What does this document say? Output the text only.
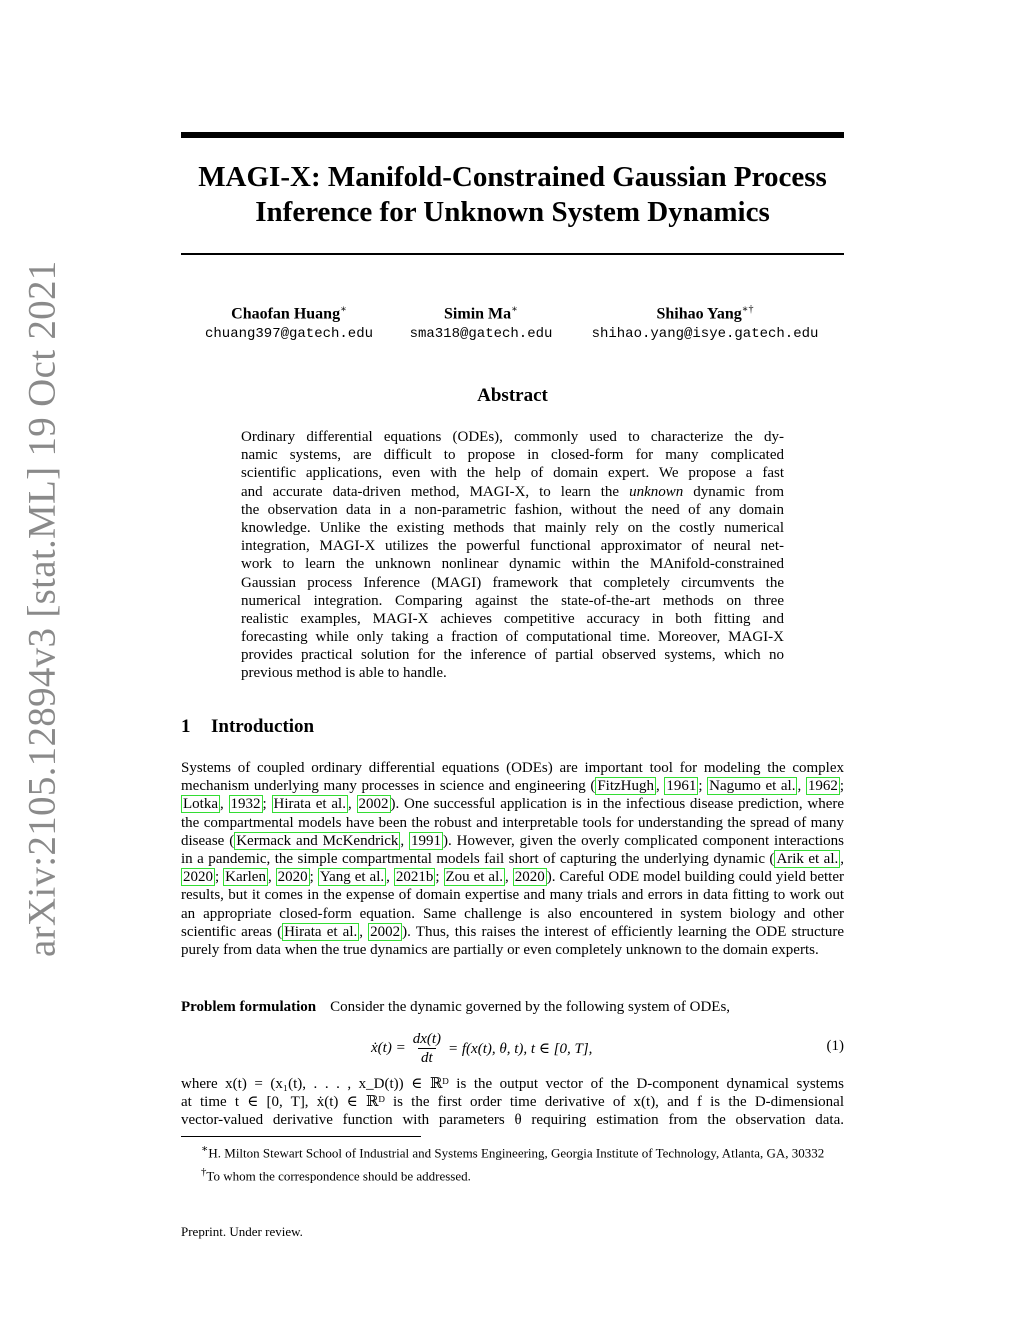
arXiv:2105.12894v3 [stat.ML] 19 Oct 2021
MAGI-X: Manifold-Constrained Gaussian Process
Inference for Unknown System Dynamics
Chaofan Huang∗
chuang397@gatech.edu
Simin Ma∗
sma318@gatech.edu
Shihao Yang∗†
shihao.yang@isye.gatech.edu
Abstract
Ordinary differential equations (ODEs), commonly used to characterize the dy-
namic systems, are difficult to propose in closed-form for many complicated
scientific applications, even with the help of domain expert. We propose a fast
and accurate data-driven method, MAGI-X, to learn the unknown dynamic from
the observation data in a non-parametric fashion, without the need of any domain
knowledge. Unlike the existing methods that mainly rely on the costly numerical
integration, MAGI-X utilizes the powerful functional approximator of neural net-
work to learn the unknown nonlinear dynamic within the MAnifold-constrained
Gaussian process Inference (MAGI) framework that completely circumvents the
numerical integration. Comparing against the state-of-the-art methods on three
realistic examples, MAGI-X achieves competitive accuracy in both fitting and
forecasting while only taking a fraction of computational time. Moreover, MAGI-X
provides practical solution for the inference of partial observed systems, which no
previous method is able to handle.
1 Introduction
Systems of coupled ordinary differential equations (ODEs) are important tool for modeling the complex mechanism underlying many processes in science and engineering ( FitzHugh , 1961 ; Nagumo et al. , 1962 ; Lotka , 1932 ; Hirata et al. , 2002 ). One successful application is in the infectious disease prediction, where the compartmental models have been the robust and interpretable tools for understanding the spread of many disease ( Kermack and McKendrick , 1991 ). However, given the overly complicated component interactions in a pandemic, the simple compartmental models fail short of capturing the underlying dynamic ( Arik et al. , 2020 ; Karlen , 2020 ; Yang et al. , 2021b ; Zou et al. , 2020 ). Careful ODE model building could yield better results, but it comes in the expense of domain expertise and many trials and errors in data fitting to work out an appropriate closed-form equation. Same challenge is also encountered in system biology and other scientific areas ( Hirata et al. , 2002 ). Thus, this raises the interest of efficiently learning the ODE structure purely from data when the true dynamics are partially or even completely unknown to the domain experts.
Problem formulation Consider the dynamic governed by the following system of ODEs,
ẋ(t) = $\frac{dx(t)}{dt} = f(x(t)$, θ, t), t ∈ [0, T],	(1)
where x(t) = (x₁(t), . . . , x_D(t)) ∈ ℝᴰ is the output vector of the D-component dynamical systems
at time t ∈ [0, T], ẋ(t) ∈ ℝᴰ is the first order time derivative of x(t), and f is the D-dimensional
vector-valued derivative function with parameters θ requiring estimation from the observation data.
∗H. Milton Stewart School of Industrial and Systems Engineering, Georgia Institute of Technology, Atlanta, GA, 30332
†To whom the correspondence should be addressed.
Preprint. Under review.
